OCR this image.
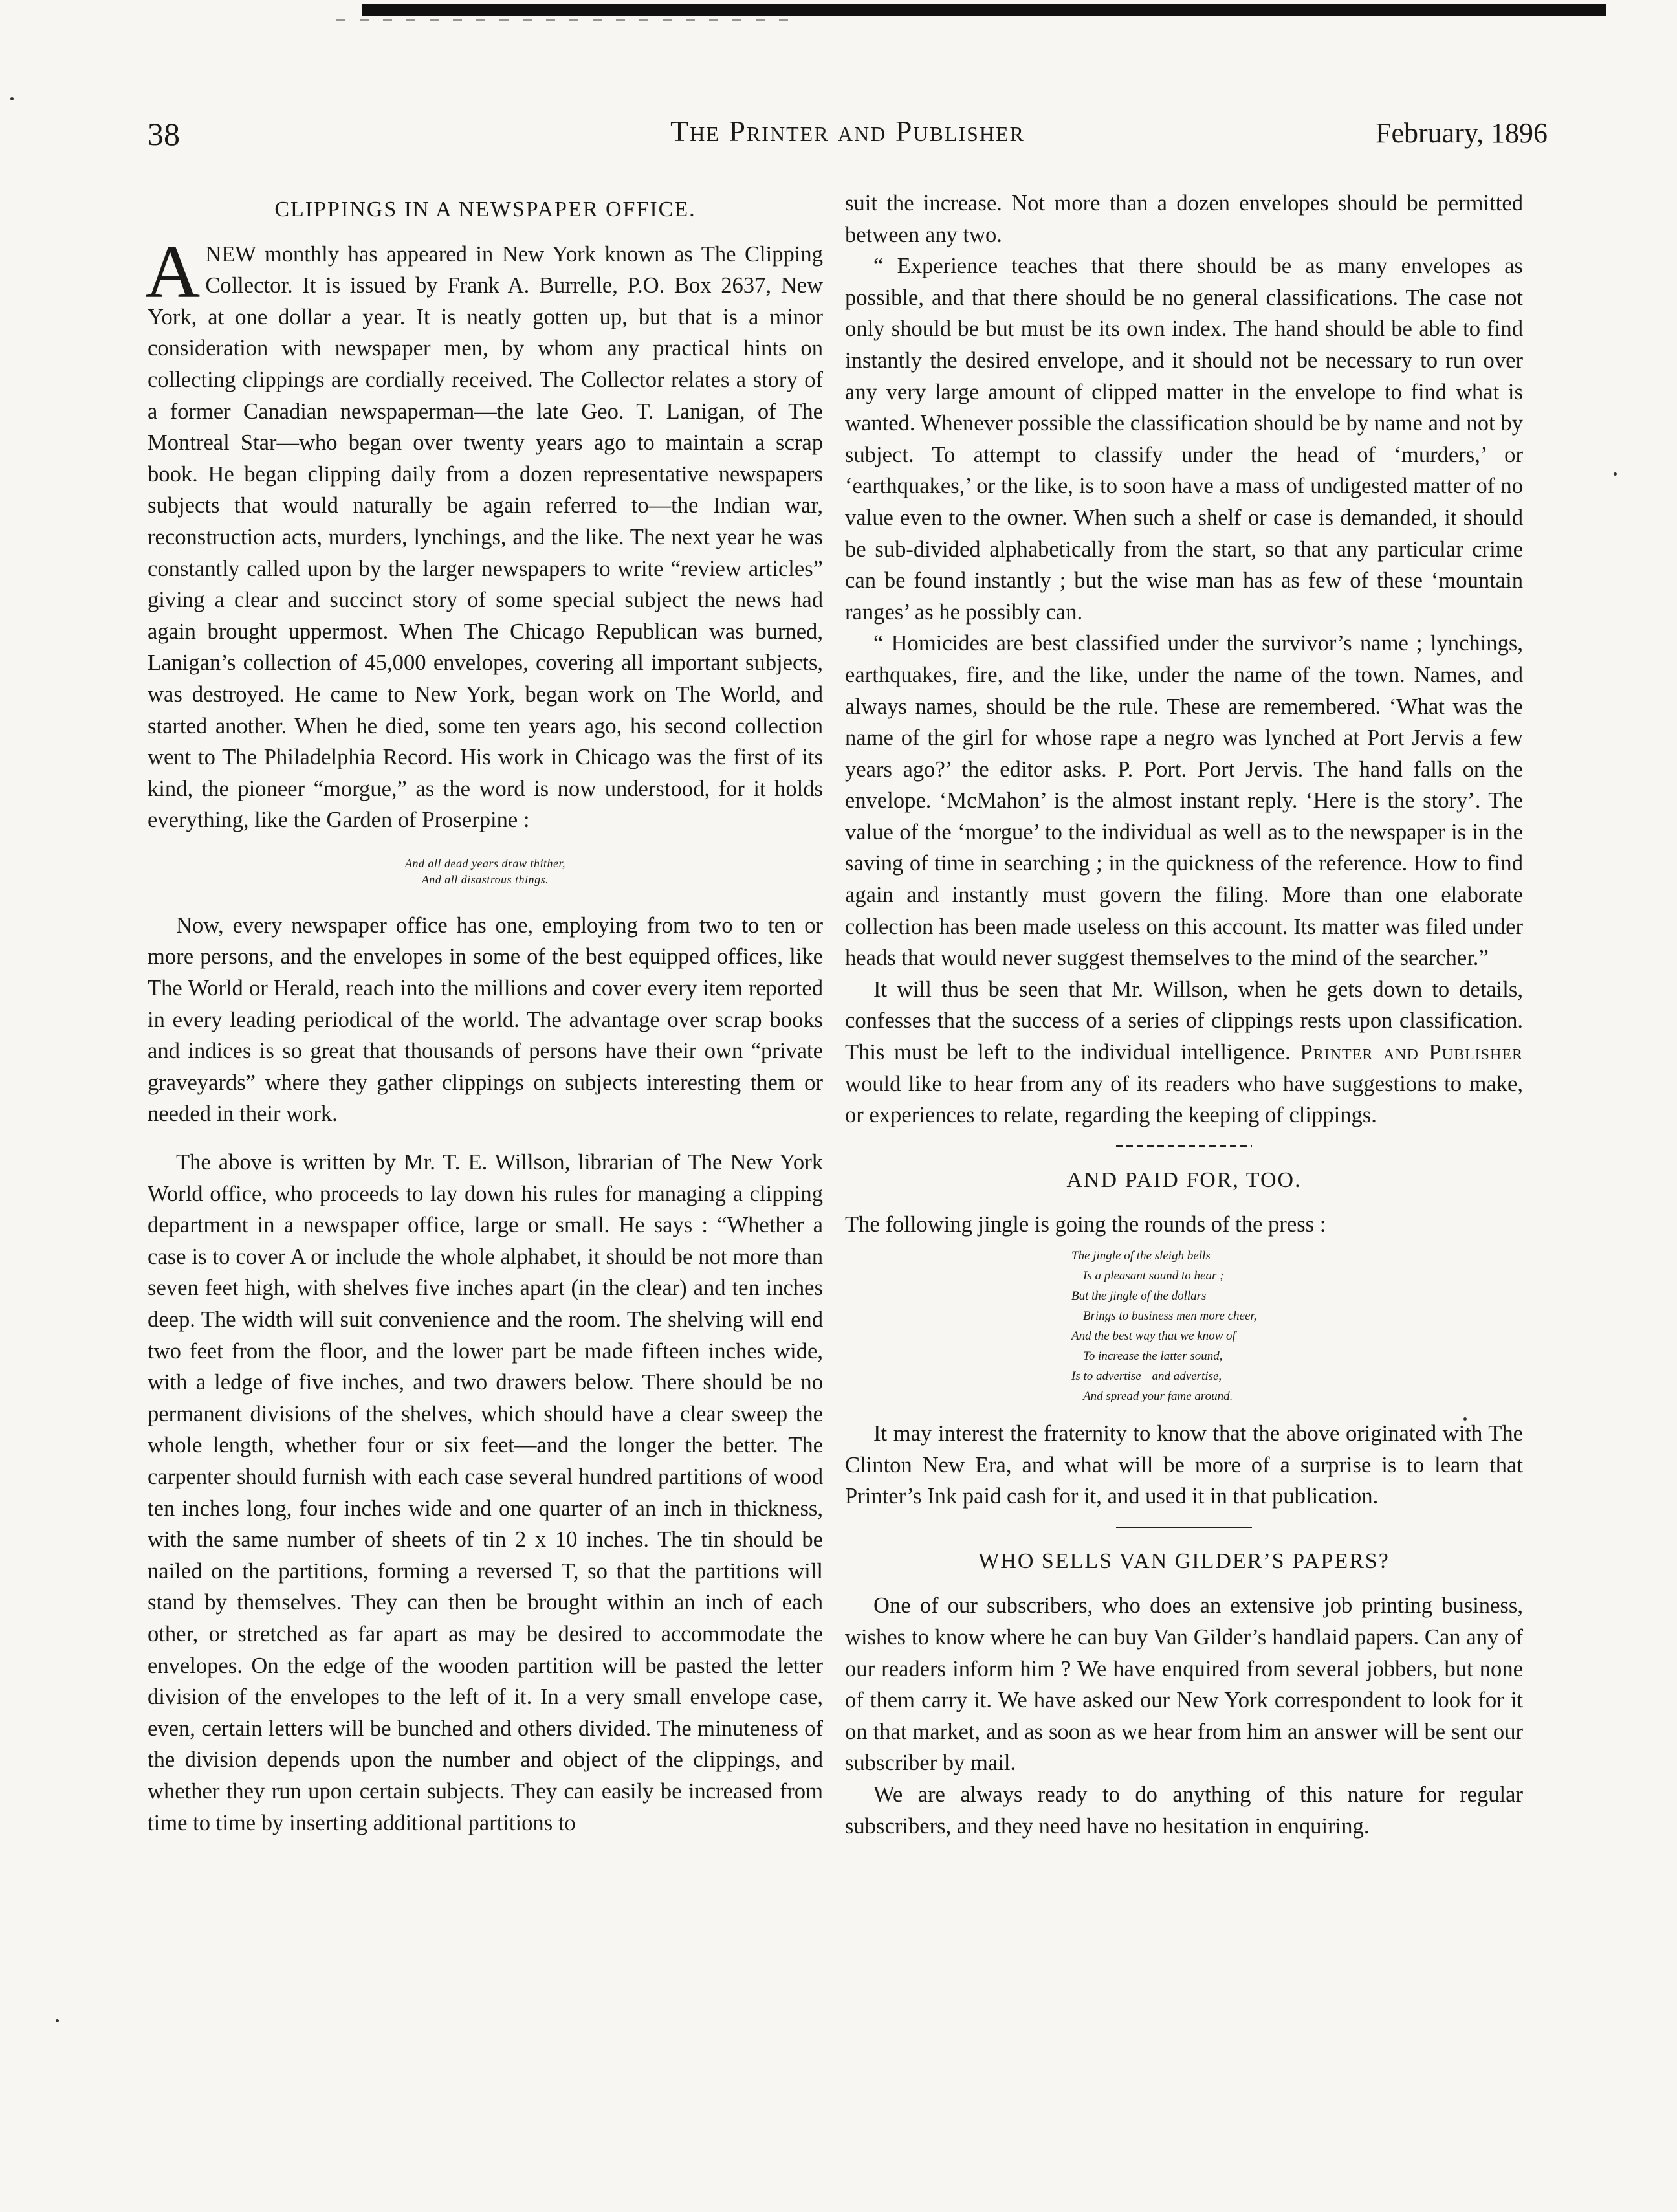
38	The Printer and Publisher	February, 1896
CLIPPINGS IN A NEWSPAPER OFFICE.

A NEW monthly has appeared in New York known as The Clipping Collector. It is issued by Frank A. Burrelle, P.O. Box 2637, New York, at one dollar a year. It is neatly gotten up, but that is a minor consideration with newspaper men, by whom any practical hints on collecting clippings are cordially received. The Collector relates a story of a former Canadian newspaperman—the late Geo. T. Lanigan, of The Montreal Star—who began over twenty years ago to maintain a scrap book. He began clipping daily from a dozen representative newspapers subjects that would naturally be again referred to—the Indian war, reconstruction acts, murders, lynchings, and the like. The next year he was constantly called upon by the larger newspapers to write “review articles” giving a clear and succinct story of some special subject the news had again brought uppermost. When The Chicago Republican was burned, Lanigan’s collection of 45,000 envelopes, covering all important subjects, was destroyed. He came to New York, began work on The World, and started another. When he died, some ten years ago, his second collection went to The Philadelphia Record. His work in Chicago was the first of its kind, the pioneer “morgue,” as the word is now understood, for it holds everything, like the Garden of Proserpine :

And all dead years draw thither,
And all disastrous things.

Now, every newspaper office has one, employing from two to ten or more persons, and the envelopes in some of the best equipped offices, like The World or Herald, reach into the millions and cover every item reported in every leading periodical of the world. The advantage over scrap books and indices is so great that thousands of persons have their own “private graveyards” where they gather clippings on subjects interesting them or needed in their work.

The above is written by Mr. T. E. Willson, librarian of The New York World office, who proceeds to lay down his rules for managing a clipping department in a newspaper office, large or small. He says : “Whether a case is to cover A or include the whole alphabet, it should be not more than seven feet high, with shelves five inches apart (in the clear) and ten inches deep. The width will suit convenience and the room. The shelving will end two feet from the floor, and the lower part be made fifteen inches wide, with a ledge of five inches, and two drawers below. There should be no permanent divisions of the shelves, which should have a clear sweep the whole length, whether four or six feet—and the longer the better. The carpenter should furnish with each case several hundred partitions of wood ten inches long, four inches wide and one quarter of an inch in thickness, with the same number of sheets of tin 2 x 10 inches. The tin should be nailed on the partitions, forming a reversed T, so that the partitions will stand by themselves. They can then be brought within an inch of each other, or stretched as far apart as may be desired to accommodate the envelopes. On the edge of the wooden partition will be pasted the letter division of the envelopes to the left of it. In a very small envelope case, even, certain letters will be bunched and others divided. The minuteness of the division depends upon the number and object of the clippings, and whether they run upon certain subjects. They can easily be increased from time to time by inserting additional partitions to

suit the increase. Not more than a dozen envelopes should be permitted between any two.

“ Experience teaches that there should be as many envelopes as possible, and that there should be no general classifications. The case not only should be but must be its own index. The hand should be able to find instantly the desired envelope, and it should not be necessary to run over any very large amount of clipped matter in the envelope to find what is wanted. Whenever possible the classification should be by name and not by subject. To attempt to classify under the head of ‘murders,’ or ‘earthquakes,’ or the like, is to soon have a mass of undigested matter of no value even to the owner. When such a shelf or case is demanded, it should be sub-divided alphabetically from the start, so that any particular crime can be found instantly ; but the wise man has as few of these ‘mountain ranges’ as he possibly can.

“ Homicides are best classified under the survivor’s name ; lynchings, earthquakes, fire, and the like, under the name of the town. Names, and always names, should be the rule. These are remembered. ‘What was the name of the girl for whose rape a negro was lynched at Port Jervis a few years ago?’ the editor asks. P. Port. Port Jervis. The hand falls on the envelope. ‘McMahon’ is the almost instant reply. ‘Here is the story’. The value of the ‘morgue’ to the individual as well as to the newspaper is in the saving of time in searching ; in the quickness of the reference. How to find again and instantly must govern the filing. More than one elaborate collection has been made useless on this account. Its matter was filed under heads that would never suggest themselves to the mind of the searcher.”

It will thus be seen that Mr. Willson, when he gets down to details, confesses that the success of a series of clippings rests upon classification. This must be left to the individual intelligence. Printer and Publisher would like to hear from any of its readers who have suggestions to make, or experiences to relate, regarding the keeping of clippings.

AND PAID FOR, TOO.

The following jingle is going the rounds of the press :

The jingle of the sleigh bells
Is a pleasant sound to hear ;
But the jingle of the dollars
Brings to business men more cheer,
And the best way that we know of
To increase the latter sound,
Is to advertise—and advertise,
And spread your fame around.

It may interest the fraternity to know that the above originated with The Clinton New Era, and what will be more of a surprise is to learn that Printer’s Ink paid cash for it, and used it in that publication.

WHO SELLS VAN GILDER’S PAPERS?

One of our subscribers, who does an extensive job printing business, wishes to know where he can buy Van Gilder’s handlaid papers. Can any of our readers inform him ? We have enquired from several jobbers, but none of them carry it. We have asked our New York correspondent to look for it on that market, and as soon as we hear from him an answer will be sent our subscriber by mail.

We are always ready to do anything of this nature for regular subscribers, and they need have no hesitation in enquiring.
